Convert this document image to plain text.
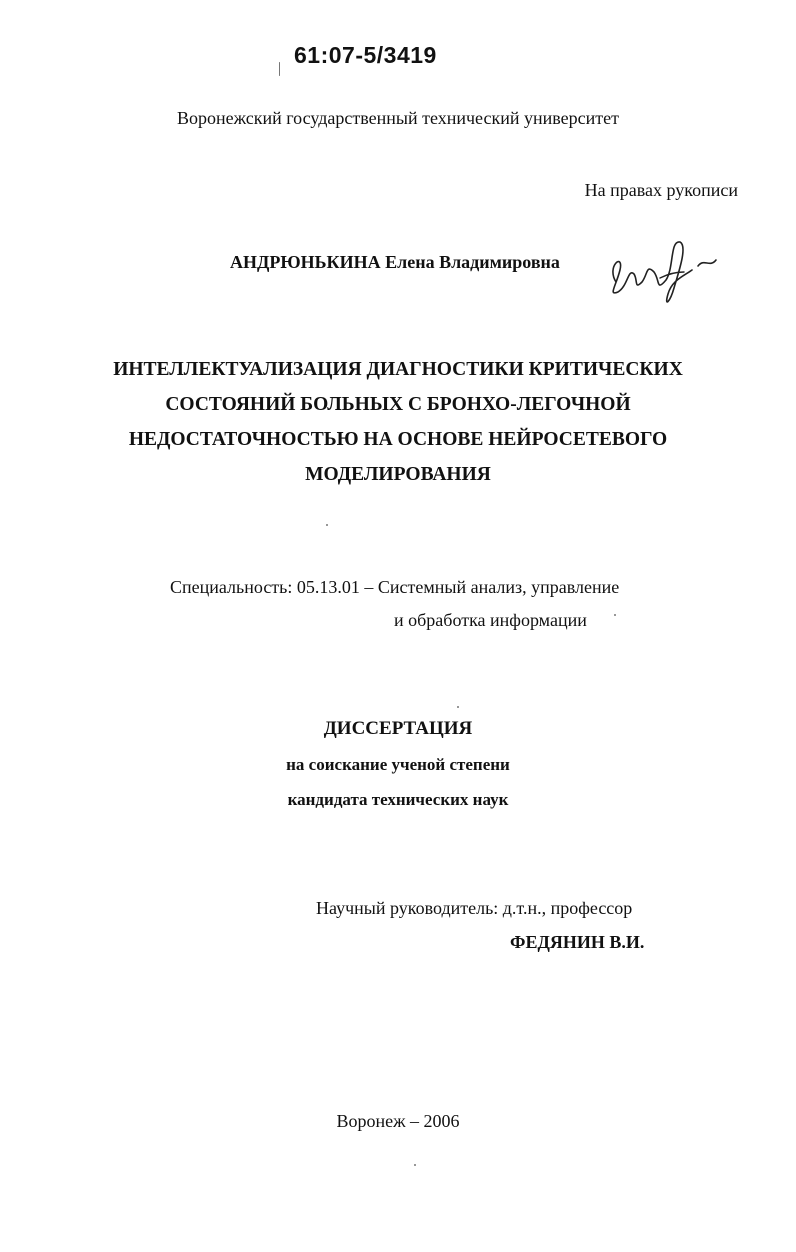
61:07-5/3419
Воронежский государственный технический университет
На правах рукописи
АНДРЮНЬКИНА Елена Владимировна
ИНТЕЛЛЕКТУАЛИЗАЦИЯ ДИАГНОСТИКИ КРИТИЧЕСКИХ
СОСТОЯНИЙ БОЛЬНЫХ С БРОНХО-ЛЕГОЧНОЙ
НЕДОСТАТОЧНОСТЬЮ НА ОСНОВЕ НЕЙРОСЕТЕВОГО
МОДЕЛИРОВАНИЯ
Специальность: 05.13.01 – Системный анализ, управление
и обработка информации
ДИССЕРТАЦИЯ
на соискание ученой степени
кандидата технических наук
Научный руководитель: д.т.н., профессор
ФЕДЯНИН В.И.
Воронеж – 2006
